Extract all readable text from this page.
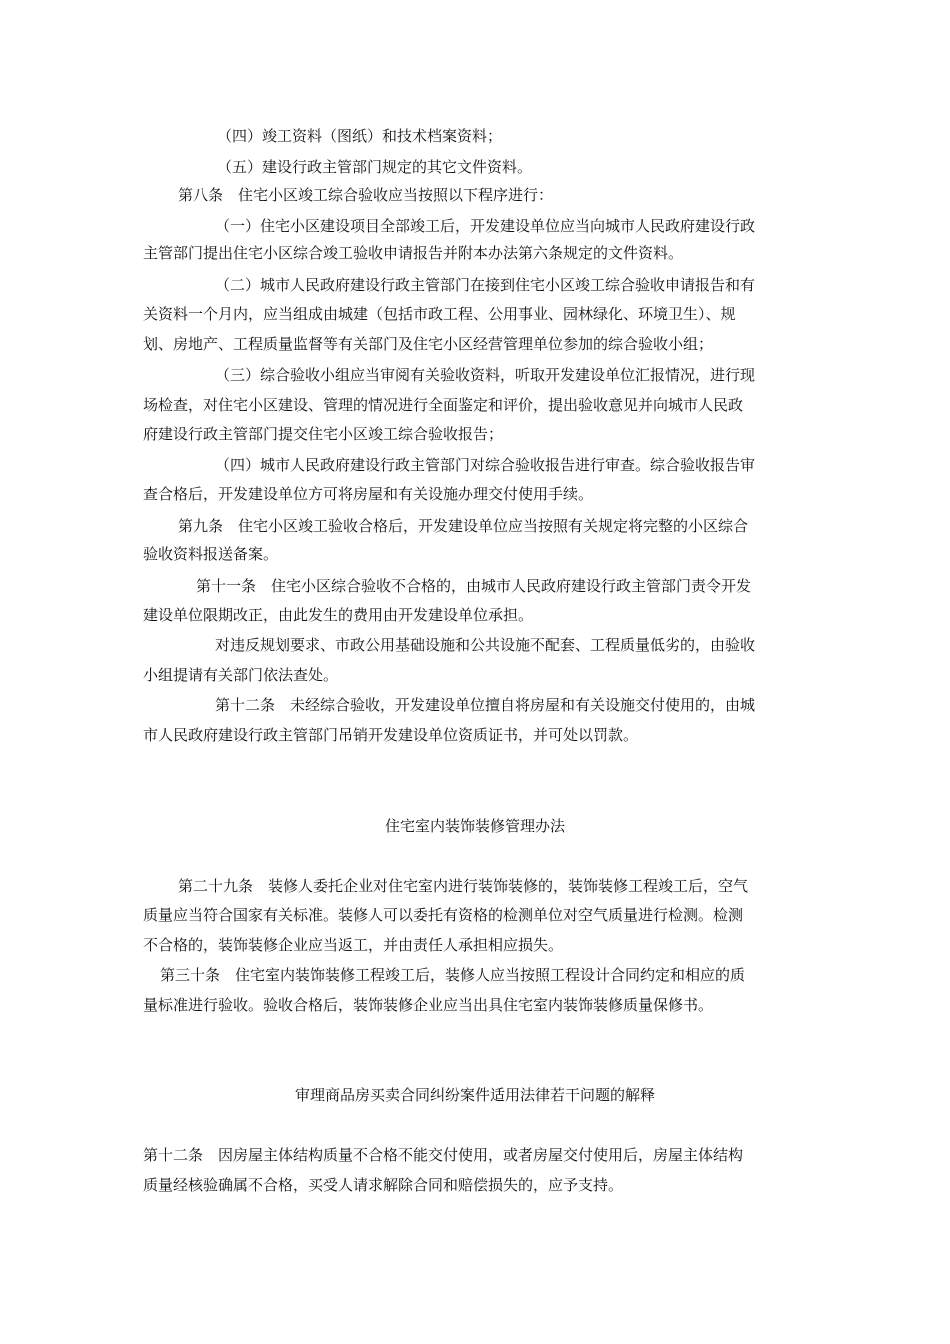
（四）竣工资料（图纸）和技术档案资料；
（五）建设行政主管部门规定的其它文件资料。
第八条　住宅小区竣工综合验收应当按照以下程序进行：
（一）住宅小区建设项目全部竣工后，开发建设单位应当向城市人民政府建设行政
主管部门提出住宅小区综合竣工验收申请报告并附本办法第六条规定的文件资料。
（二）城市人民政府建设行政主管部门在接到住宅小区竣工综合验收申请报告和有
关资料一个月内，应当组成由城建（包括市政工程、公用事业、园林绿化、环境卫生）、规
划、房地产、工程质量监督等有关部门及住宅小区经营管理单位参加的综合验收小组；
（三）综合验收小组应当审阅有关验收资料，听取开发建设单位汇报情况，进行现
场检查，对住宅小区建设、管理的情况进行全面鉴定和评价，提出验收意见并向城市人民政
府建设行政主管部门提交住宅小区竣工综合验收报告；
（四）城市人民政府建设行政主管部门对综合验收报告进行审查。综合验收报告审
查合格后，开发建设单位方可将房屋和有关设施办理交付使用手续。
第九条　住宅小区竣工验收合格后，开发建设单位应当按照有关规定将完整的小区综合
验收资料报送备案。
第十一条　住宅小区综合验收不合格的，由城市人民政府建设行政主管部门责令开发
建设单位限期改正，由此发生的费用由开发建设单位承担。
对违反规划要求、市政公用基础设施和公共设施不配套、工程质量低劣的，由验收
小组提请有关部门依法查处。
第十二条　未经综合验收，开发建设单位擅自将房屋和有关设施交付使用的，由城
市人民政府建设行政主管部门吊销开发建设单位资质证书，并可处以罚款。
住宅室内装饰装修管理办法
第二十九条　装修人委托企业对住宅室内进行装饰装修的，装饰装修工程竣工后，空气
质量应当符合国家有关标准。装修人可以委托有资格的检测单位对空气质量进行检测。检测
不合格的，装饰装修企业应当返工，并由责任人承担相应损失。
第三十条　住宅室内装饰装修工程竣工后，装修人应当按照工程设计合同约定和相应的质
量标准进行验收。验收合格后，装饰装修企业应当出具住宅室内装饰装修质量保修书。
审理商品房买卖合同纠纷案件适用法律若干问题的解释
第十二条　因房屋主体结构质量不合格不能交付使用，或者房屋交付使用后，房屋主体结构
质量经核验确属不合格，买受人请求解除合同和赔偿损失的，应予支持。
